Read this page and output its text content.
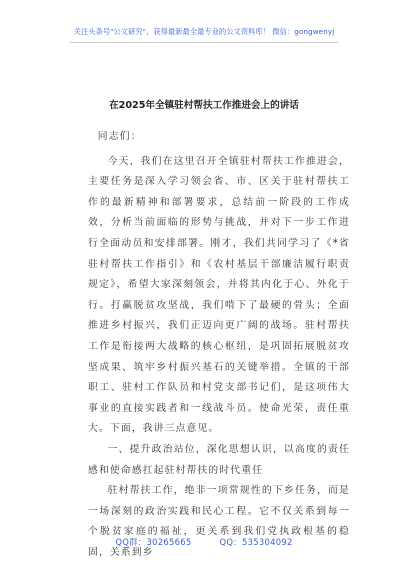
关注头条号"公文研究"，获得最新最全最专业的公文资料库！ 微信：gongwenyj
在2025年全镇驻村帮扶工作推进会上的讲话

同志们：

今天，我们在这里召开全镇驻村帮扶工作推进会，主要任务是深入学习领会省、市、区关于驻村帮扶工作的最新精神和部署要求，总结前一阶段的工作成效，分析当前面临的形势与挑战，并对下一步工作进行全面动员和安排部署。刚才，我们共同学习了《*省驻村帮扶工作指引》和《农村基层干部廉洁履行职责规定》，希望大家深刻领会，并将其内化于心、外化于行。打赢脱贫攻坚战，我们啃下了最硬的骨头；全面推进乡村振兴，我们正迈向更广阔的战场。驻村帮扶工作是衔接两大战略的核心枢纽，是巩固拓展脱贫攻坚成果、筑牢乡村振兴基石的关键举措。全镇的干部职工、驻村工作队员和村党支部书记们，是这项伟大事业的直接实践者和一线战斗员。使命光荣，责任重大。下面，我讲三点意见。

一、提升政治站位，深化思想认识，以高度的责任感和使命感扛起驻村帮扶的时代重任

驻村帮扶工作，绝非一项常规性的下乡任务，而是一场深刻的政治实践和民心工程。它不仅关系到每一个脱贫家庭的福祉，更关系到我们党执政根基的稳固，关系到乡

QQ群：30265665	QQ：535304092
